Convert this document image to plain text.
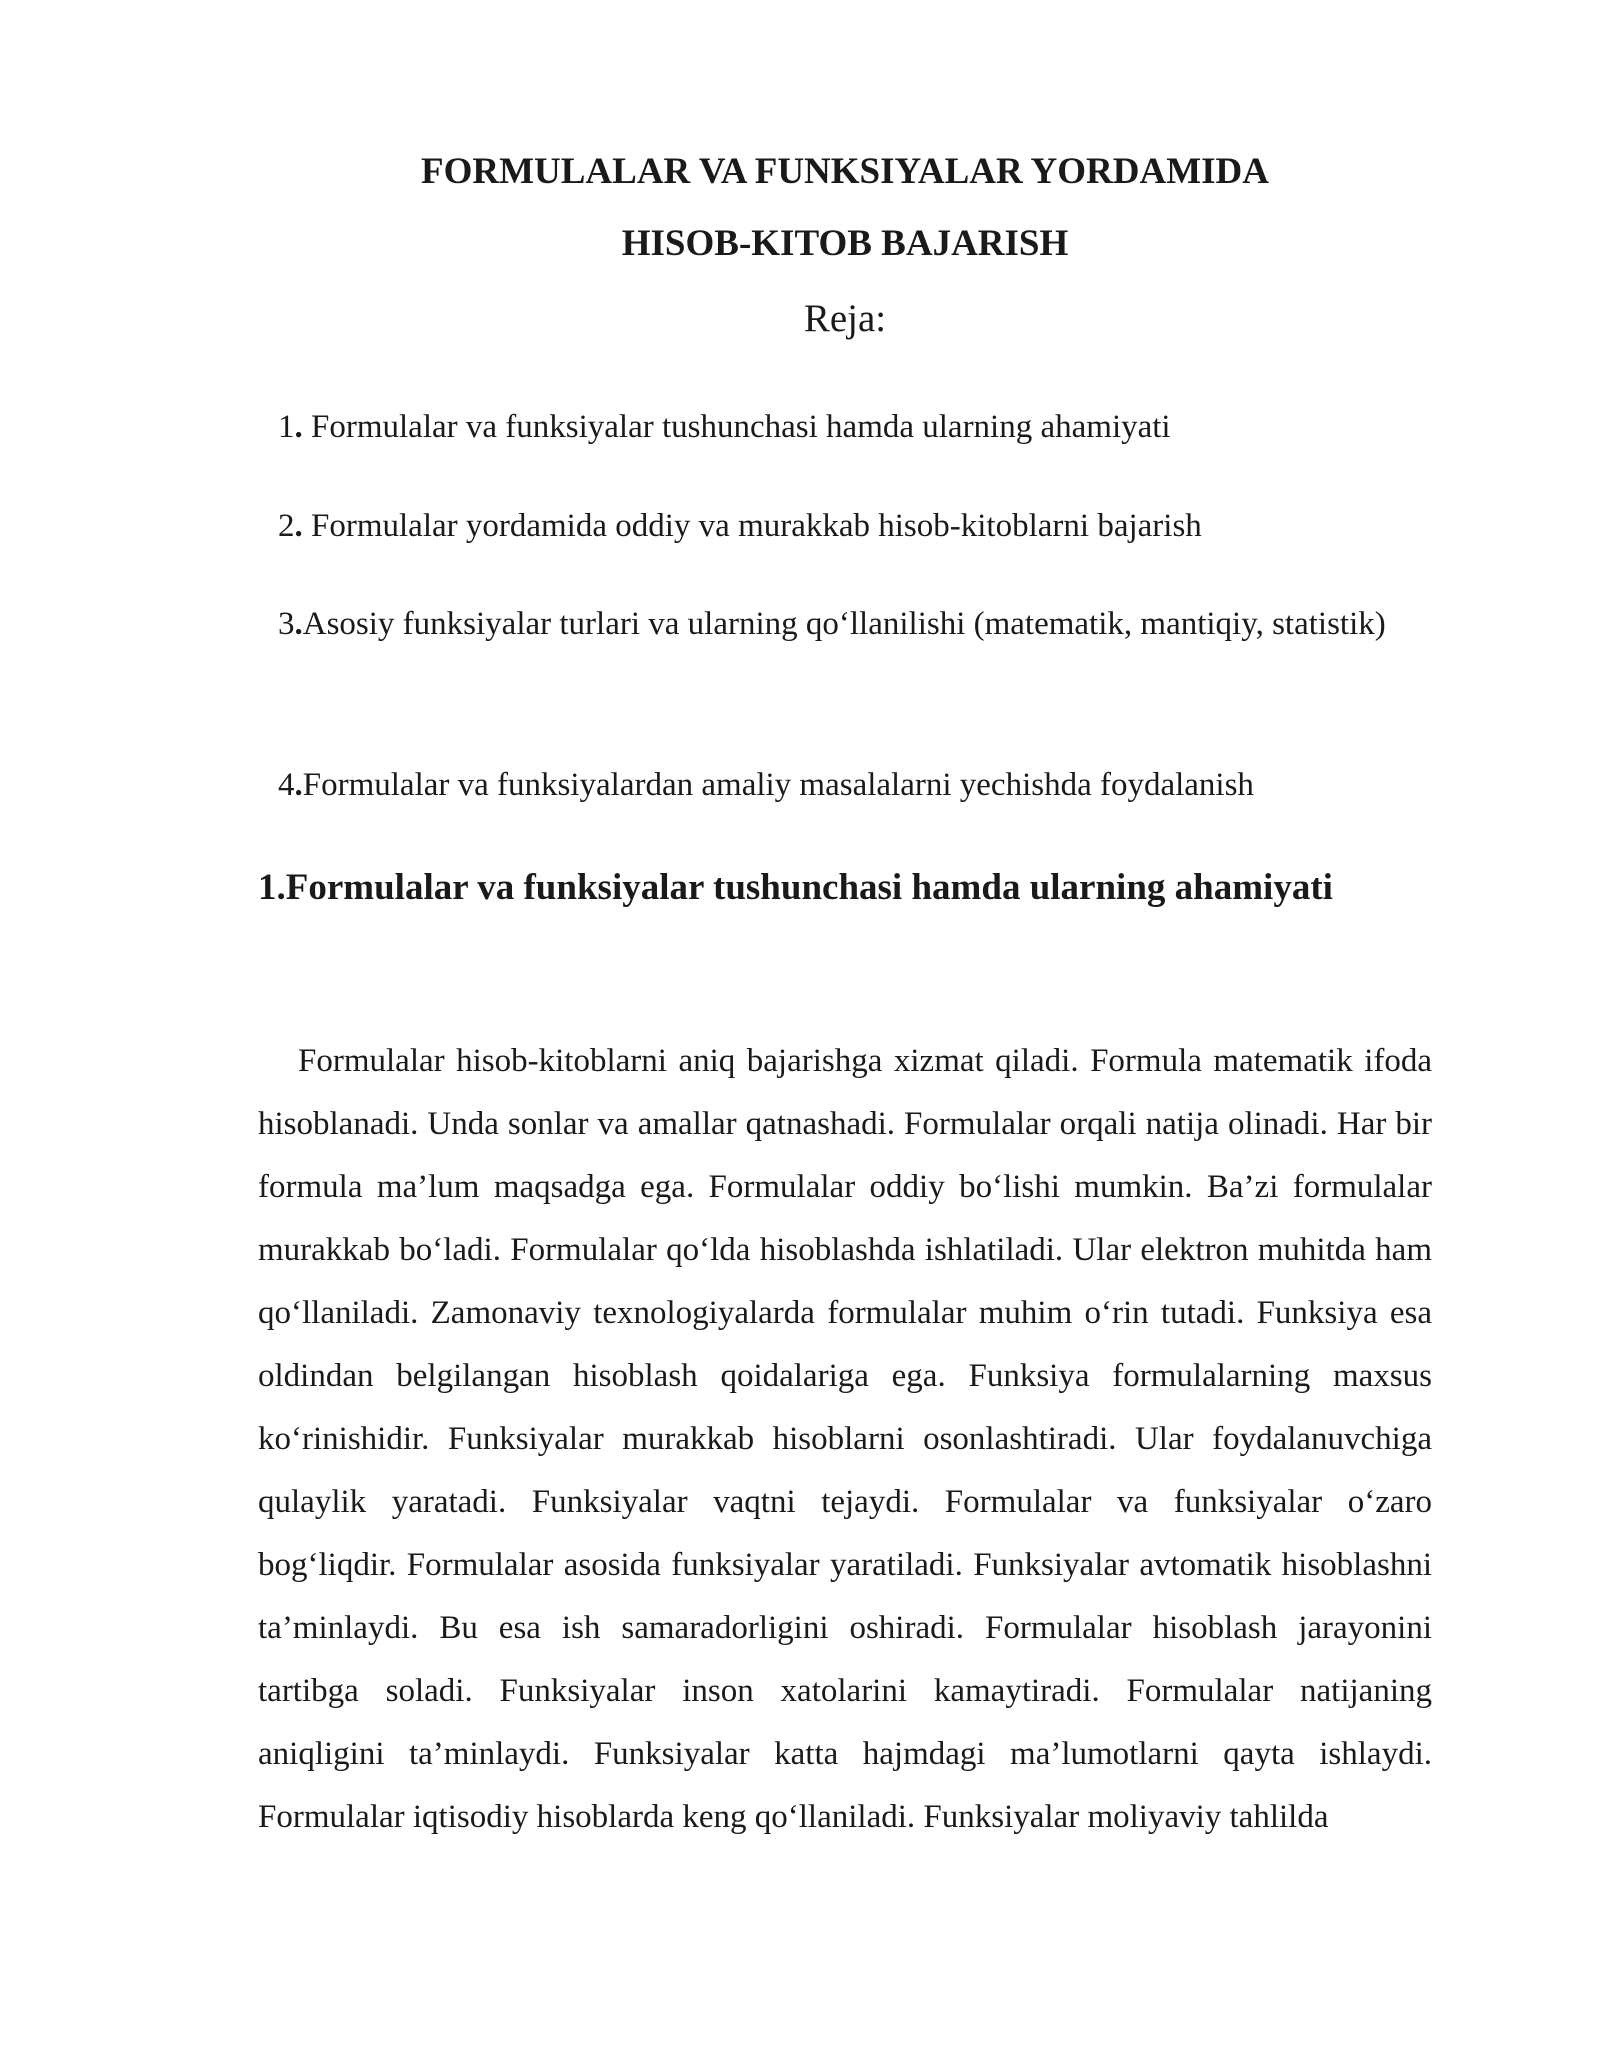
FORMULALAR VA FUNKSIYALAR YORDAMIDA
HISOB-KITOB BAJARISH

Reja:

1. Formulalar va funksiyalar tushunchasi hamda ularning ahamiyati

2. Formulalar yordamida oddiy va murakkab hisob-kitoblarni bajarish

3.Asosiy funksiyalar turlari va ularning qo‘llanilishi (matematik, mantiqiy, statistik)

4.Formulalar va funksiyalardan amaliy masalalarni yechishda foydalanish

1.Formulalar va funksiyalar tushunchasi hamda ularning ahamiyati

Formulalar hisob-kitoblarni aniq bajarishga xizmat qiladi. Formula matematik ifoda hisoblanadi. Unda sonlar va amallar qatnashadi. Formulalar orqali natija olinadi. Har bir formula ma’lum maqsadga ega. Formulalar oddiy bo‘lishi mumkin. Ba’zi formulalar murakkab bo‘ladi. Formulalar qo‘lda hisoblashda ishlatiladi. Ular elektron muhitda ham qo‘llaniladi. Zamonaviy texnologiyalarda formulalar muhim o‘rin tutadi. Funksiya esa oldindan belgilangan hisoblash qoidalariga ega. Funksiya formulalarning maxsus ko‘rinishidir. Funksiyalar murakkab hisoblarni osonlashtiradi. Ular foydalanuvchiga qulaylik yaratadi. Funksiyalar vaqtni tejaydi. Formulalar va funksiyalar o‘zaro bog‘liqdir. Formulalar asosida funksiyalar yaratiladi. Funksiyalar avtomatik hisoblashni ta’minlaydi. Bu esa ish samaradorligini oshiradi. Formulalar hisoblash jarayonini tartibga soladi. Funksiyalar inson xatolarini kamaytiradi. Formulalar natijaning aniqligini ta’minlaydi. Funksiyalar katta hajmdagi ma’lumotlarni qayta ishlaydi. Formulalar iqtisodiy hisoblarda keng qo‘llaniladi. Funksiyalar moliyaviy tahlilda
